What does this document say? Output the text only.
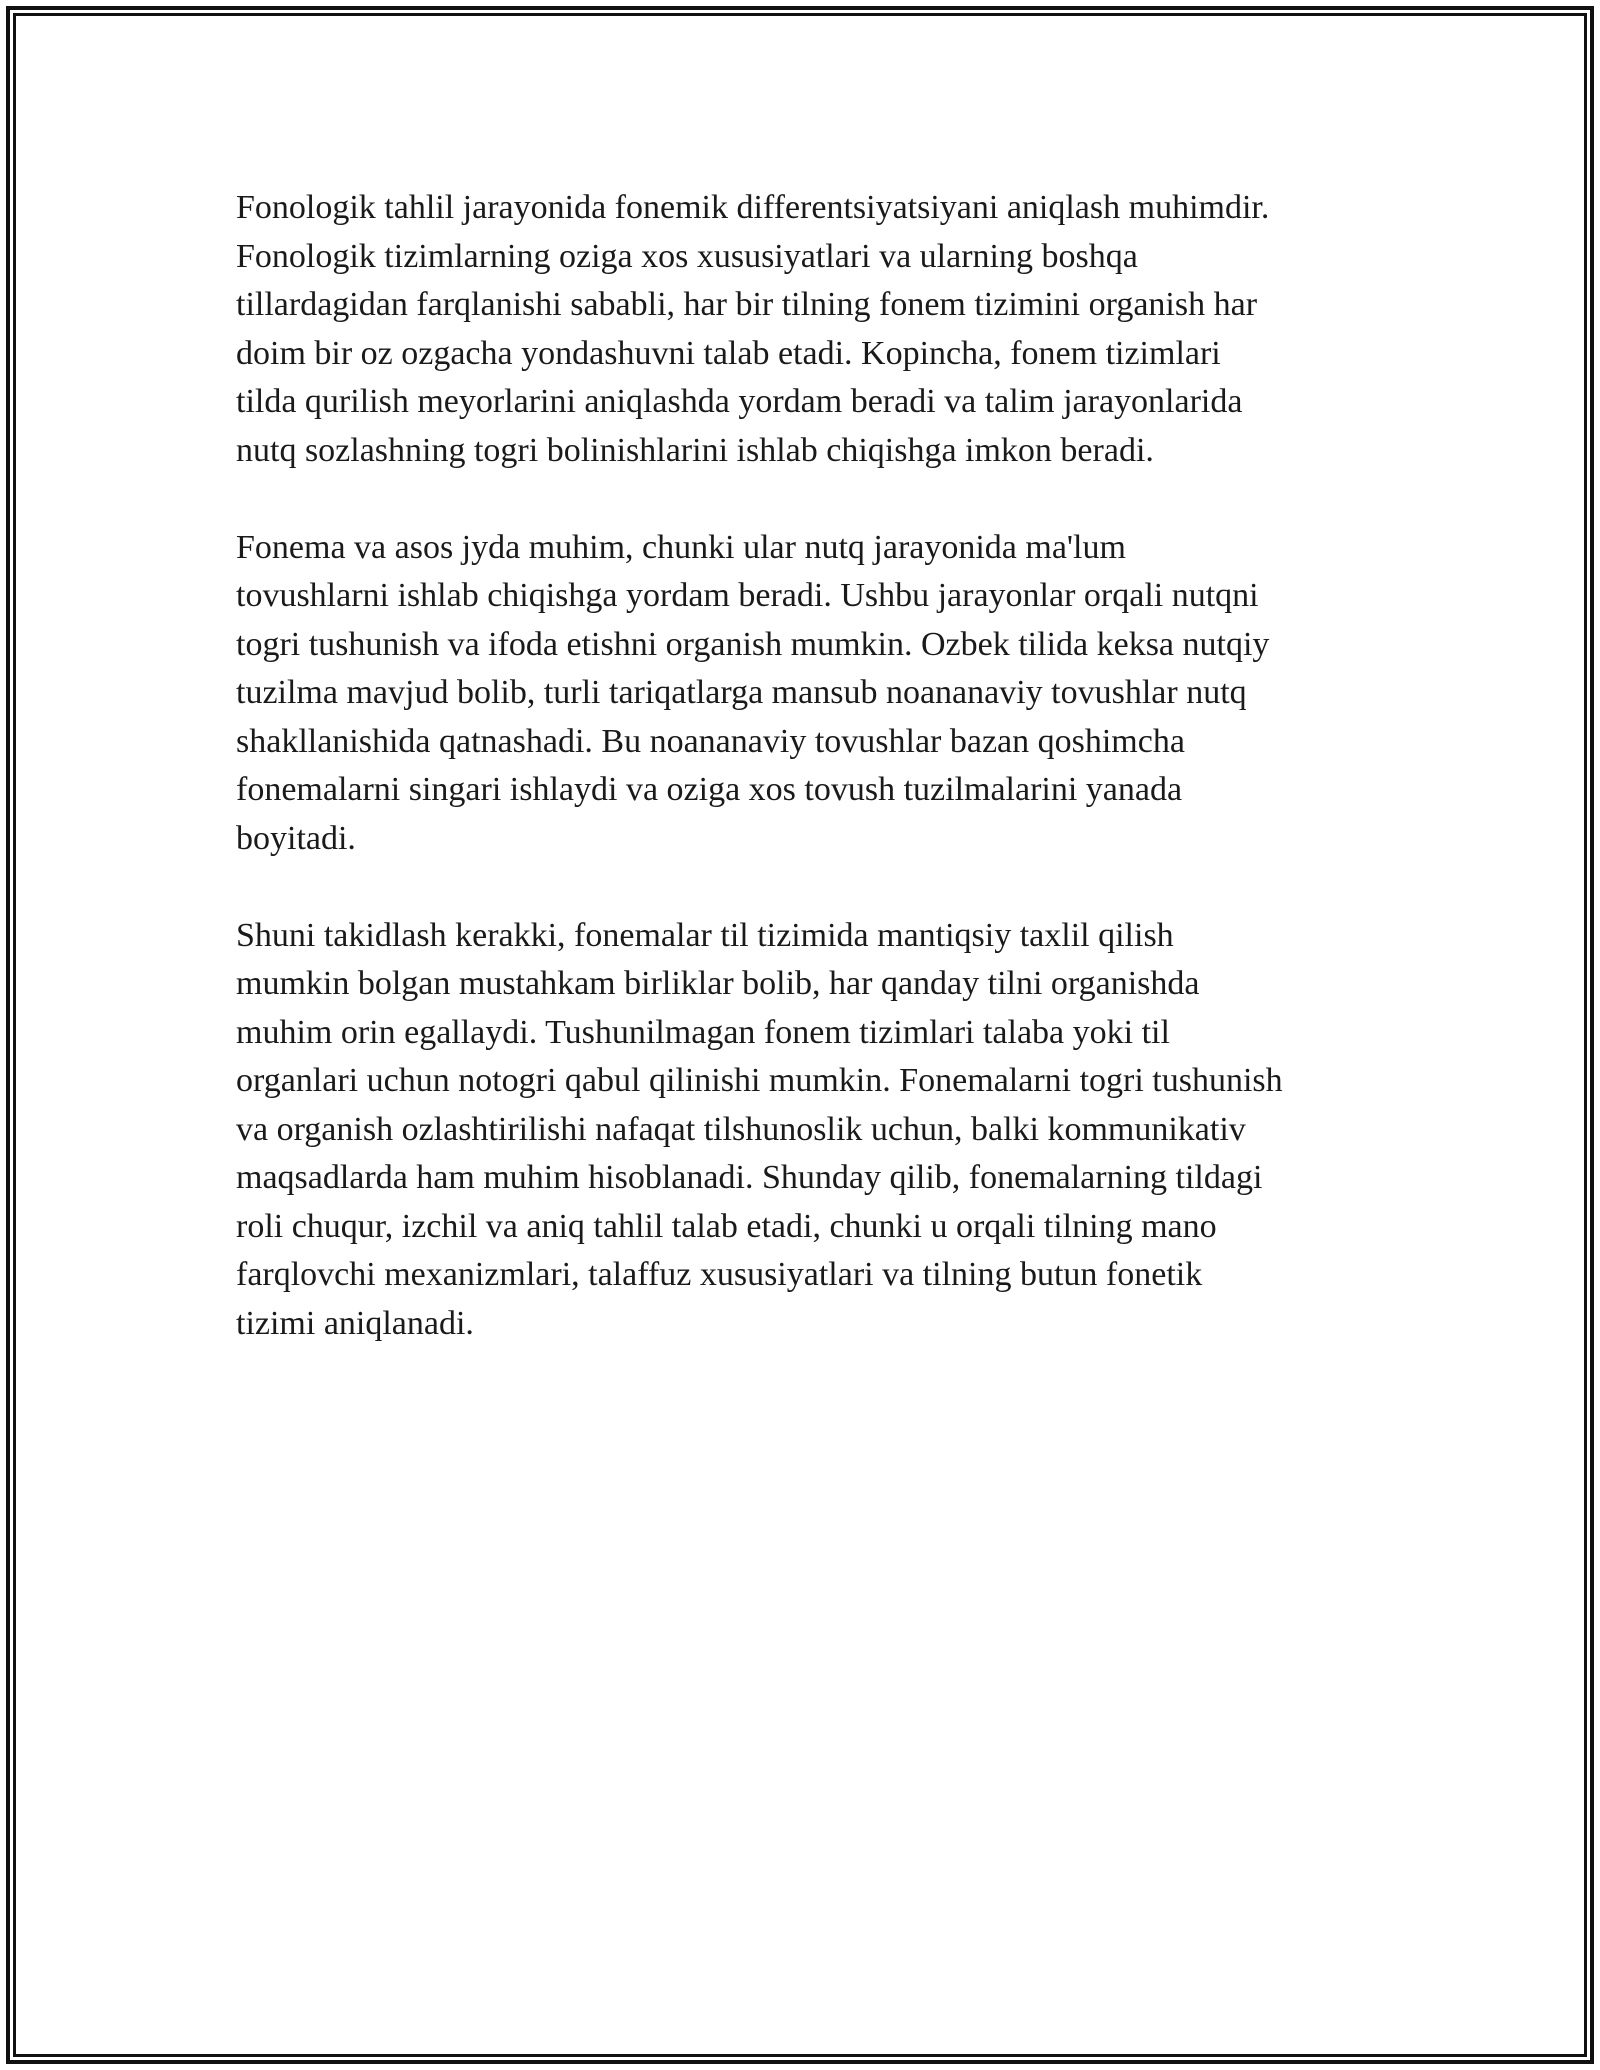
Fonologik tahlil jarayonida fonemik differentsiyatsiyani aniqlash muhimdir.
Fonologik tizimlarning oziga xos xususiyatlari va ularning boshqa
tillardagidan farqlanishi sababli, har bir tilning fonem tizimini organish har
doim bir oz ozgacha yondashuvni talab etadi. Kopincha, fonem tizimlari
tilda qurilish meyorlarini aniqlashda yordam beradi va talim jarayonlarida
nutq sozlashning togri bolinishlarini ishlab chiqishga imkon beradi.

Fonema va asos jyda muhim, chunki ular nutq jarayonida ma'lum
tovushlarni ishlab chiqishga yordam beradi. Ushbu jarayonlar orqali nutqni
togri tushunish va ifoda etishni organish mumkin. Ozbek tilida keksa nutqiy
tuzilma mavjud bolib, turli tariqatlarga mansub noananaviy tovushlar nutq
shakllanishida qatnashadi. Bu noananaviy tovushlar bazan qoshimcha
fonemalarni singari ishlaydi va oziga xos tovush tuzilmalarini yanada
boyitadi.

Shuni takidlash kerakki, fonemalar til tizimida mantiqsiy taxlil qilish
mumkin bolgan mustahkam birliklar bolib, har qanday tilni organishda
muhim orin egallaydi. Tushunilmagan fonem tizimlari talaba yoki til
organlari uchun notogri qabul qilinishi mumkin. Fonemalarni togri tushunish
va organish ozlashtirilishi nafaqat tilshunoslik uchun, balki kommunikativ
maqsadlarda ham muhim hisoblanadi. Shunday qilib, fonemalarning tildagi
roli chuqur, izchil va aniq tahlil talab etadi, chunki u orqali tilning mano
farqlovchi mexanizmlari, talaffuz xususiyatlari va tilning butun fonetik
tizimi aniqlanadi.
